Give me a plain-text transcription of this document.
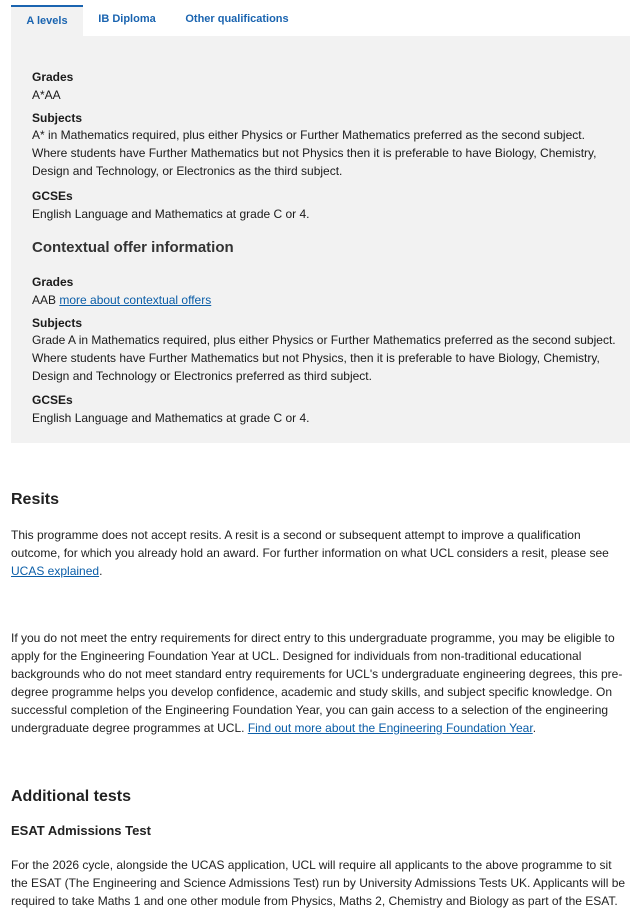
A levels	IB Diploma	Other qualifications
Grades
A*AA
Subjects
A* in Mathematics required, plus either Physics or Further Mathematics preferred as the second subject. Where students have Further Mathematics but not Physics then it is preferable to have Biology, Chemistry, Design and Technology, or Electronics as the third subject.
GCSEs
English Language and Mathematics at grade C or 4.
Contextual offer information
Grades
AAB more about contextual offers
Subjects
Grade A in Mathematics required, plus either Physics or Further Mathematics preferred as the second subject. Where students have Further Mathematics but not Physics, then it is preferable to have Biology, Chemistry, Design and Technology or Electronics preferred as third subject.
GCSEs
English Language and Mathematics at grade C or 4.
Resits
This programme does not accept resits. A resit is a second or subsequent attempt to improve a qualification outcome, for which you already hold an award. For further information on what UCL considers a resit, please see UCAS explained.
If you do not meet the entry requirements for direct entry to this undergraduate programme, you may be eligible to apply for the Engineering Foundation Year at UCL. Designed for individuals from non-traditional educational backgrounds who do not meet standard entry requirements for UCL's undergraduate engineering degrees, this pre-degree programme helps you develop confidence, academic and study skills, and subject specific knowledge. On successful completion of the Engineering Foundation Year, you can gain access to a selection of the engineering undergraduate degree programmes at UCL. Find out more about the Engineering Foundation Year.
Additional tests
ESAT Admissions Test
For the 2026 cycle, alongside the UCAS application, UCL will require all applicants to the above programme to sit the ESAT (The Engineering and Science Admissions Test) run by University Admissions Tests UK. Applicants will be required to take Maths 1 and one other module from Physics, Maths 2, Chemistry and Biology as part of the ESAT.
